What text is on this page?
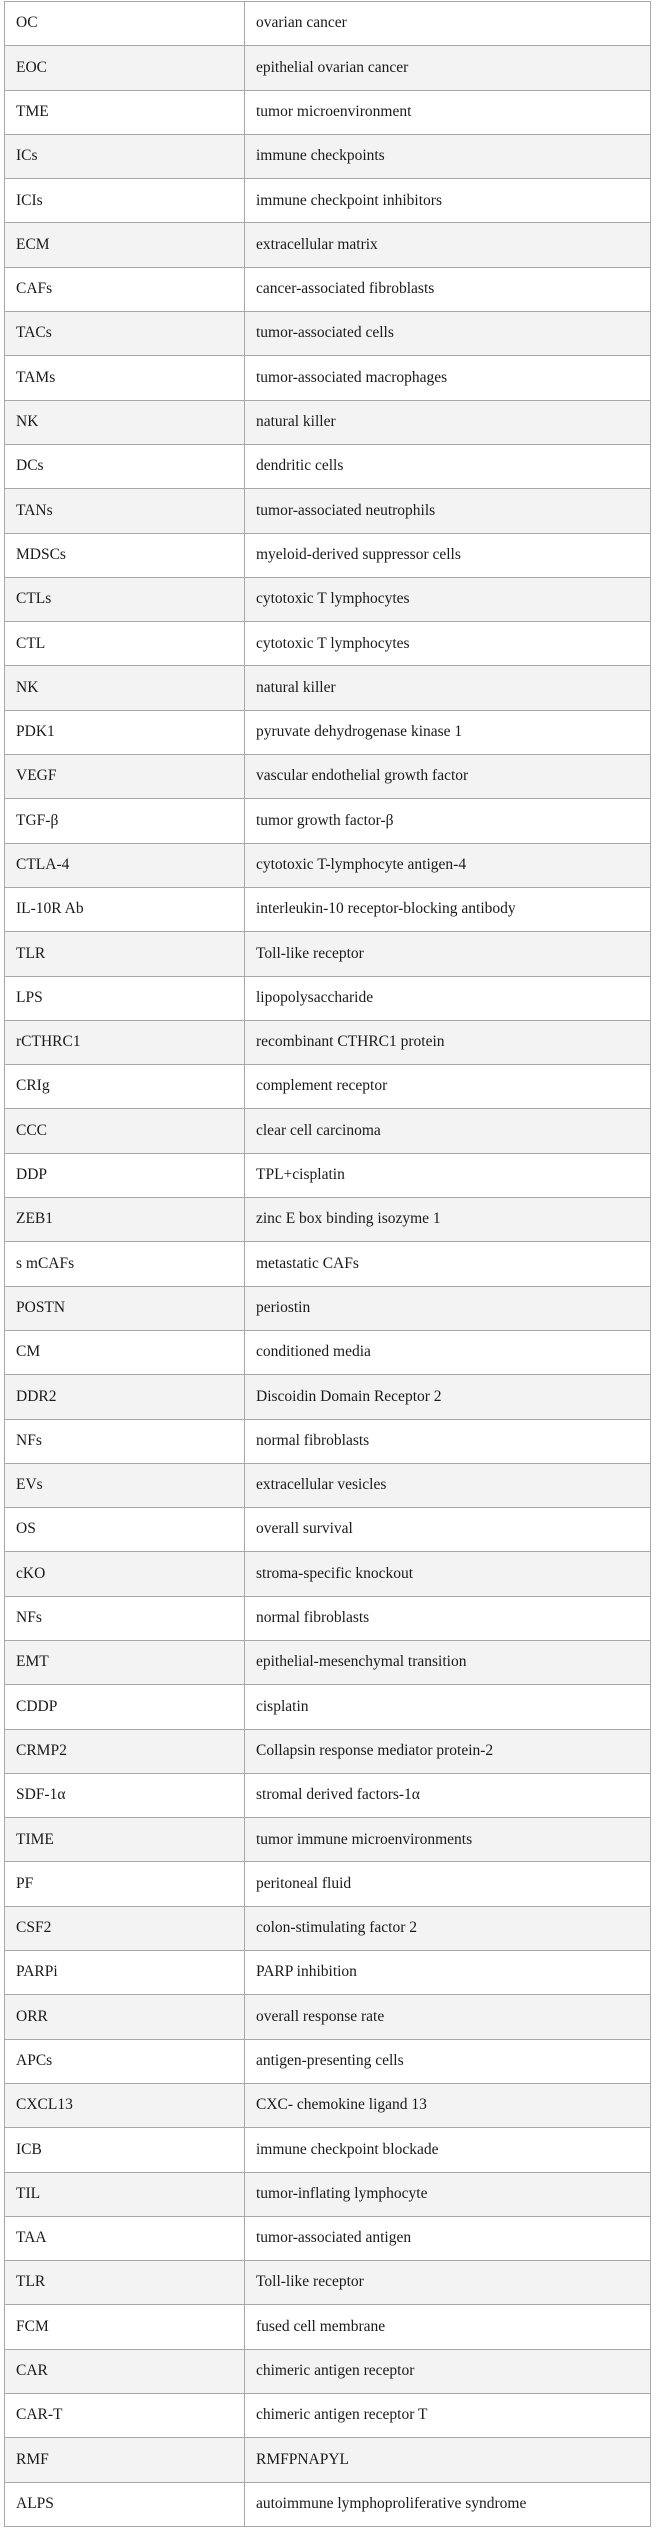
OC	ovarian cancer
EOC	epithelial ovarian cancer
TME	tumor microenvironment
ICs	immune checkpoints
ICIs	immune checkpoint inhibitors
ECM	extracellular matrix
CAFs	cancer-associated fibroblasts
TACs	tumor-associated cells
TAMs	tumor-associated macrophages
NK	natural killer
DCs	dendritic cells
TANs	tumor-associated neutrophils
MDSCs	myeloid-derived suppressor cells
CTLs	cytotoxic T lymphocytes
CTL	cytotoxic T lymphocytes
NK	natural killer
PDK1	pyruvate dehydrogenase kinase 1
VEGF	vascular endothelial growth factor
TGF-β	tumor growth factor-β
CTLA-4	cytotoxic T-lymphocyte antigen-4
IL-10R Ab	interleukin-10 receptor-blocking antibody
TLR	Toll-like receptor
LPS	lipopolysaccharide
rCTHRC1	recombinant CTHRC1 protein
CRIg	complement receptor
CCC	clear cell carcinoma
DDP	TPL+cisplatin
ZEB1	zinc E box binding isozyme 1
s mCAFs	metastatic CAFs
POSTN	periostin
CM	conditioned media
DDR2	Discoidin Domain Receptor 2
NFs	normal fibroblasts
EVs	extracellular vesicles
OS	overall survival
cKO	stroma-specific knockout
NFs	normal fibroblasts
EMT	epithelial-mesenchymal transition
CDDP	cisplatin
CRMP2	Collapsin response mediator protein-2
SDF-1α	stromal derived factors-1α
TIME	tumor immune microenvironments
PF	peritoneal fluid
CSF2	colon-stimulating factor 2
PARPi	PARP inhibition
ORR	overall response rate
APCs	antigen-presenting cells
CXCL13	CXC- chemokine ligand 13
ICB	immune checkpoint blockade
TIL	tumor-inflating lymphocyte
TAA	tumor-associated antigen
TLR	Toll-like receptor
FCM	fused cell membrane
CAR	chimeric antigen receptor
CAR-T	chimeric antigen receptor T
RMF	RMFPNAPYL
ALPS	autoimmune lymphoproliferative syndrome
